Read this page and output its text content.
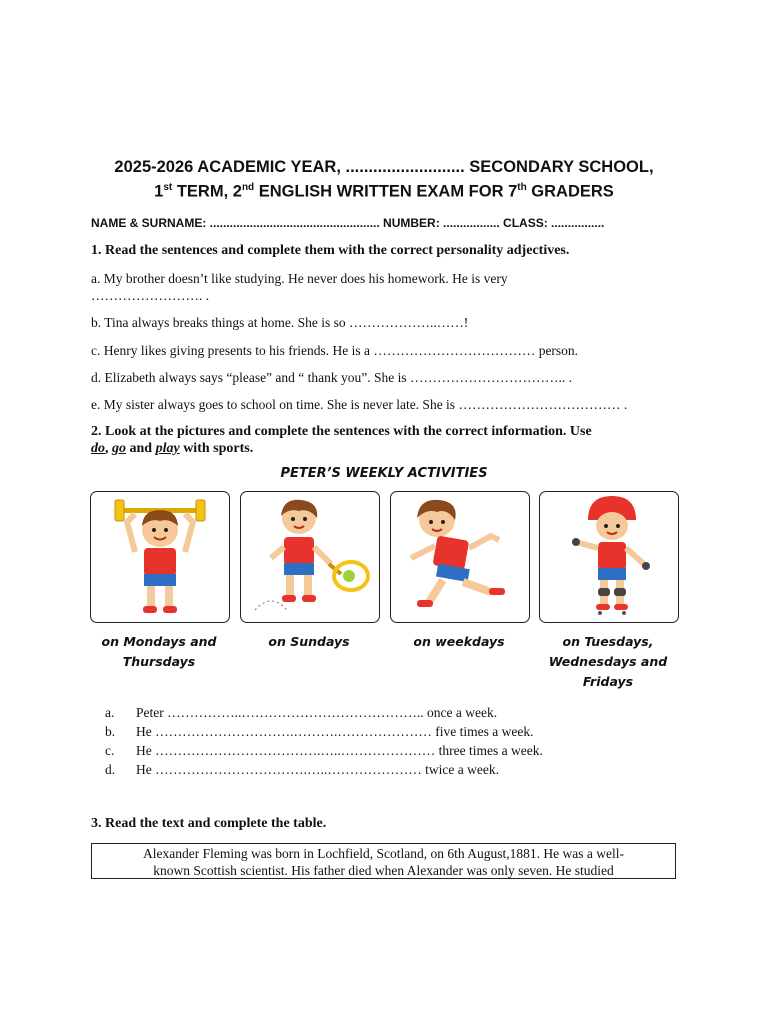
2025-2026 ACADEMIC YEAR, .......................... SECONDARY SCHOOL,
1st TERM, 2nd ENGLISH WRITTEN EXAM FOR 7th GRADERS
NAME & SURNAME: ................................................... NUMBER: ................. CLASS: ................
1. Read the sentences and complete them with the correct personality adjectives.
a. My brother doesn’t like studying. He never does his homework. He is very
……………………. .
b. Tina always breaks things at home. She is so ………………..……!
c. Henry likes giving presents to his friends. He is a ……………………………… person.
d. Elizabeth always says “please” and “ thank you”. She is …………………………….. .
e. My sister always goes to school on time. She is never late. She is ……………………………… .
2. Look at the pictures and complete the sentences with the correct information. Use
do, go and play with sports.
PETER’S WEEKLY ACTIVITIES
on Mondays and
Thursdays
on Sundays	on weekdays	on Tuesdays,
Wednesdays and
Fridays
a. Peter ……………..………………………………….. once a week.
b. He ………………………….……….………………… five times a week.
c. He ……………………………….…..………………… three times a week.
d. He …………………………….…..………………… twice a week.
3. Read the text and complete the table.
Alexander Fleming was born in Lochfield, Scotland, on 6th August,1881. He was a well-
known Scottish scientist. His father died when Alexander was only seven. He studied
